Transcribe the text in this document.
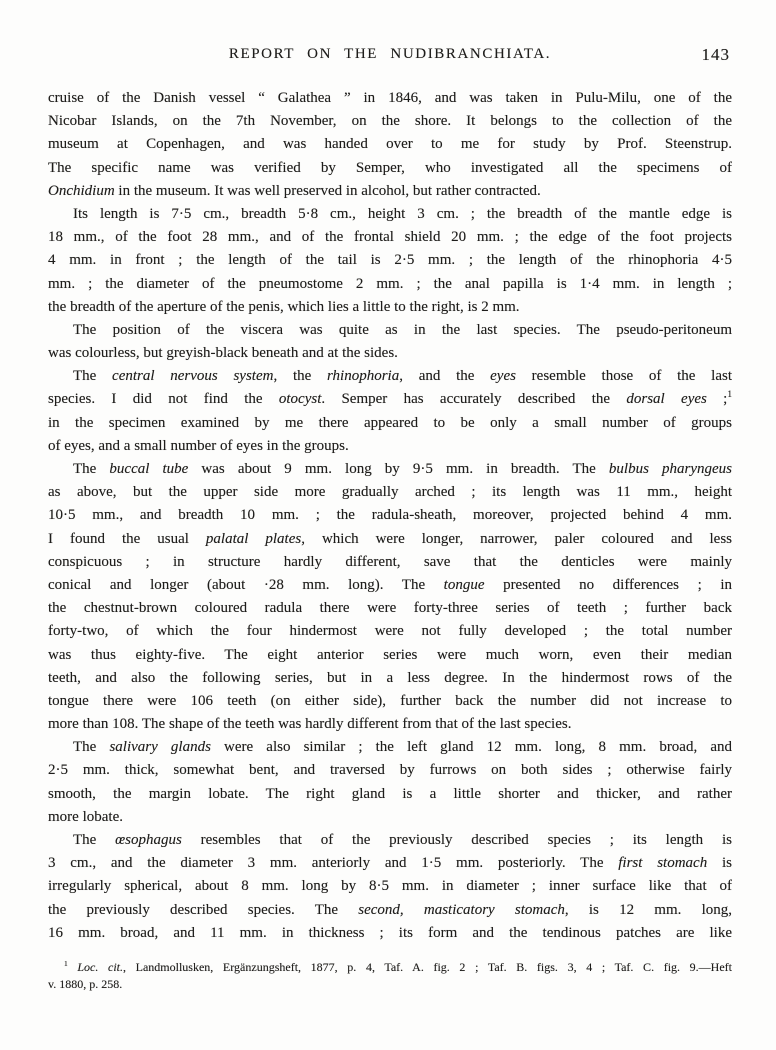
REPORT ON THE NUDIBRANCHIATA.	143
cruise of the Danish vessel “ Galathea ” in 1846, and was taken in Pulu-Milu, one of the
Nicobar Islands, on the 7th November, on the shore. It belongs to the collection of the
museum at Copenhagen, and was handed over to me for study by Prof. Steenstrup.
The specific name was verified by Semper, who investigated all the specimens of
Onchidium in the museum. It was well preserved in alcohol, but rather contracted.
Its length is 7·5 cm., breadth 5·8 cm., height 3 cm. ; the breadth of the mantle edge is
18 mm., of the foot 28 mm., and of the frontal shield 20 mm. ; the edge of the foot projects
4 mm. in front ; the length of the tail is 2·5 mm. ; the length of the rhinophoria 4·5
mm. ; the diameter of the pneumostome 2 mm. ; the anal papilla is 1·4 mm. in length ;
the breadth of the aperture of the penis, which lies a little to the right, is 2 mm.
The position of the viscera was quite as in the last species. The pseudo-peritoneum
was colourless, but greyish-black beneath and at the sides.
The central nervous system, the rhinophoria, and the eyes resemble those of the last
species. I did not find the otocyst. Semper has accurately described the dorsal eyes ;$^1$
in the specimen examined by me there appeared to be only a small number of groups
of eyes, and a small number of eyes in the groups.
The buccal tube was about 9 mm. long by 9·5 mm. in breadth. The bulbus pharyngeus
as above, but the upper side more gradually arched ; its length was 11 mm., height
10·5 mm., and breadth 10 mm. ; the radula-sheath, moreover, projected behind 4 mm.
I found the usual palatal plates, which were longer, narrower, paler coloured and less
conspicuous ; in structure hardly different, save that the denticles were mainly
conical and longer (about ·28 mm. long). The tongue presented no differences ; in
the chestnut-brown coloured radula there were forty-three series of teeth ; further back
forty-two, of which the four hindermost were not fully developed ; the total number
was thus eighty-five. The eight anterior series were much worn, even their median
teeth, and also the following series, but in a less degree. In the hindermost rows of the
tongue there were 106 teeth (on either side), further back the number did not increase to
more than 108. The shape of the teeth was hardly different from that of the last species.
The salivary glands were also similar ; the left gland 12 mm. long, 8 mm. broad, and
2·5 mm. thick, somewhat bent, and traversed by furrows on both sides ; otherwise fairly
smooth, the margin lobate. The right gland is a little shorter and thicker, and rather
more lobate.
The œsophagus resembles that of the previously described species ; its length is
3 cm., and the diameter 3 mm. anteriorly and 1·5 mm. posteriorly. The first stomach is
irregularly spherical, about 8 mm. long by 8·5 mm. in diameter ; inner surface like that of
the previously described species. The second, masticatory stomach, is 12 mm. long,
16 mm. broad, and 11 mm. in thickness ; its form and the tendinous patches are like
$^1$ Loc. cit., Landmollusken, Ergänzungsheft, 1877, p. 4, Taf. A. fig. 2 ; Taf. B. figs. 3, 4 ; Taf. C. fig. 9.—Heft
v. 1880, p. 258.
